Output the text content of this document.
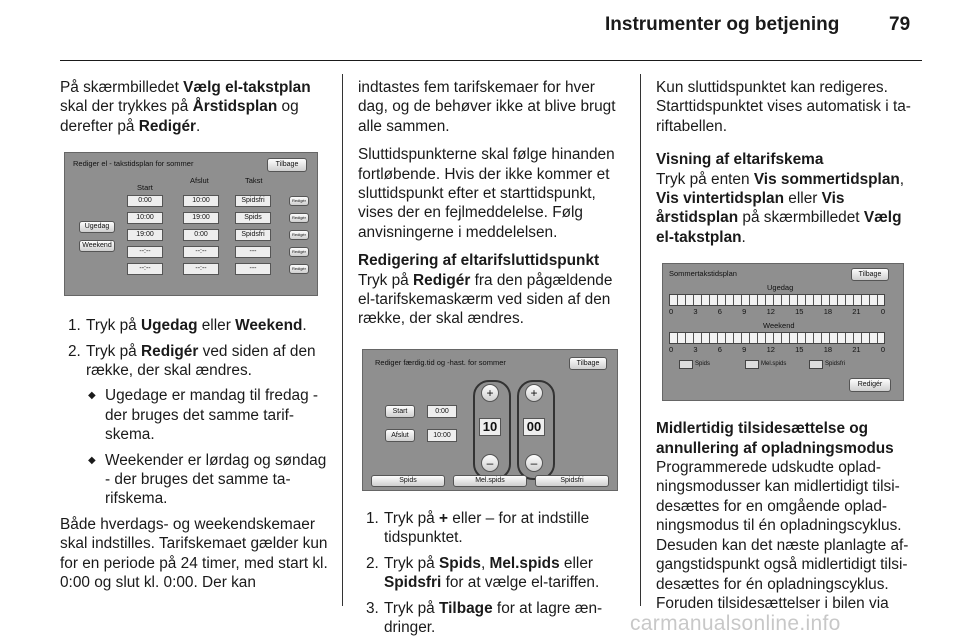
Instrumenter og betjening	79

På skærmbilledet Vælg el-takstplan skal der trykkes på Årstidsplan og derefter på Redigér.

Rediger el - takstidsplan for sommer	Tilbage
Start
Afslut	Takst
Ugedag
Weekend
0:00	10:00	Spidsfri	Redigér
10:00	19:00	Spids	Redigér
19:00	0:00	Spidsfri	Redigér
--:--	--:--	---	Redigér
--:--	--:--	---	Redigér
1. Tryk på Ugedag eller Weekend.
2. Tryk på Redigér ved siden af den række, der skal ændres.
◆ Ugedage er mandag til fredag - der bruges det samme tarifskema.
◆ Weekender er lørdag og søndag - der bruges det samme tarifskema.

Både hverdags- og weekendskemaer skal indstilles. Tarifskemaet gælder kun for en periode på 24 timer, med start kl. 0:00 og slut kl. 0:00. Der kan

indtastes fem tarifskemaer for hver dag, og de behøver ikke at blive brugt alle sammen.

Sluttidspunkterne skal følge hinanden fortløbende. Hvis der ikke kommer et sluttidspunkt efter et starttidspunkt, vises der en fejlmeddelelse. Følg anvisningerne i meddelelsen.

Redigering af eltarifsluttidspunkt

Tryk på Redigér fra den pågældende el-tarifskemaskærm ved siden af den række, der skal ændres.

Rediger færdig.tid og -hast. for sommer	Tilbage
Start	0:00
Afslut	10:00
+
10
–
+
00
–
Spids	Mel.spids	Spidsfri
1. Tryk på + eller – for at indstille tidspunktet.
2. Tryk på Spids, Mel.spids eller Spidsfri for at vælge el-tariffen.
3. Tryk på Tilbage for at lagre ændringer.

Kun sluttidspunktet kan redigeres. Starttidspunktet vises automatisk i tariftabellen.

Visning af eltarifskema

Tryk på enten Vis sommertidsplan, Vis vintertidsplan eller Vis årstidsplan på skærmbilledet Vælg el-takstplan.

Sommertakstidsplan	Tilbage
Ugedag
0	3	6	9	12	15	18	21	0
Weekend
0	3	6	9	12	15	18	21	0
Spids	Mel.spids	Spidsfri
Redigér

Midlertidig tilsidesættelse og annullering af opladningsmodus

Programmerede udskudte opladningsmodusser kan midlertidigt tilsidesættes for en omgående opladningsmodus til én opladningscyklus. Desuden kan det næste planlagte afgangstidspunkt også midlertidigt tilsidesættes for én opladningscyklus. Foruden tilsidesættelser i bilen via

carmanualsonline.info
